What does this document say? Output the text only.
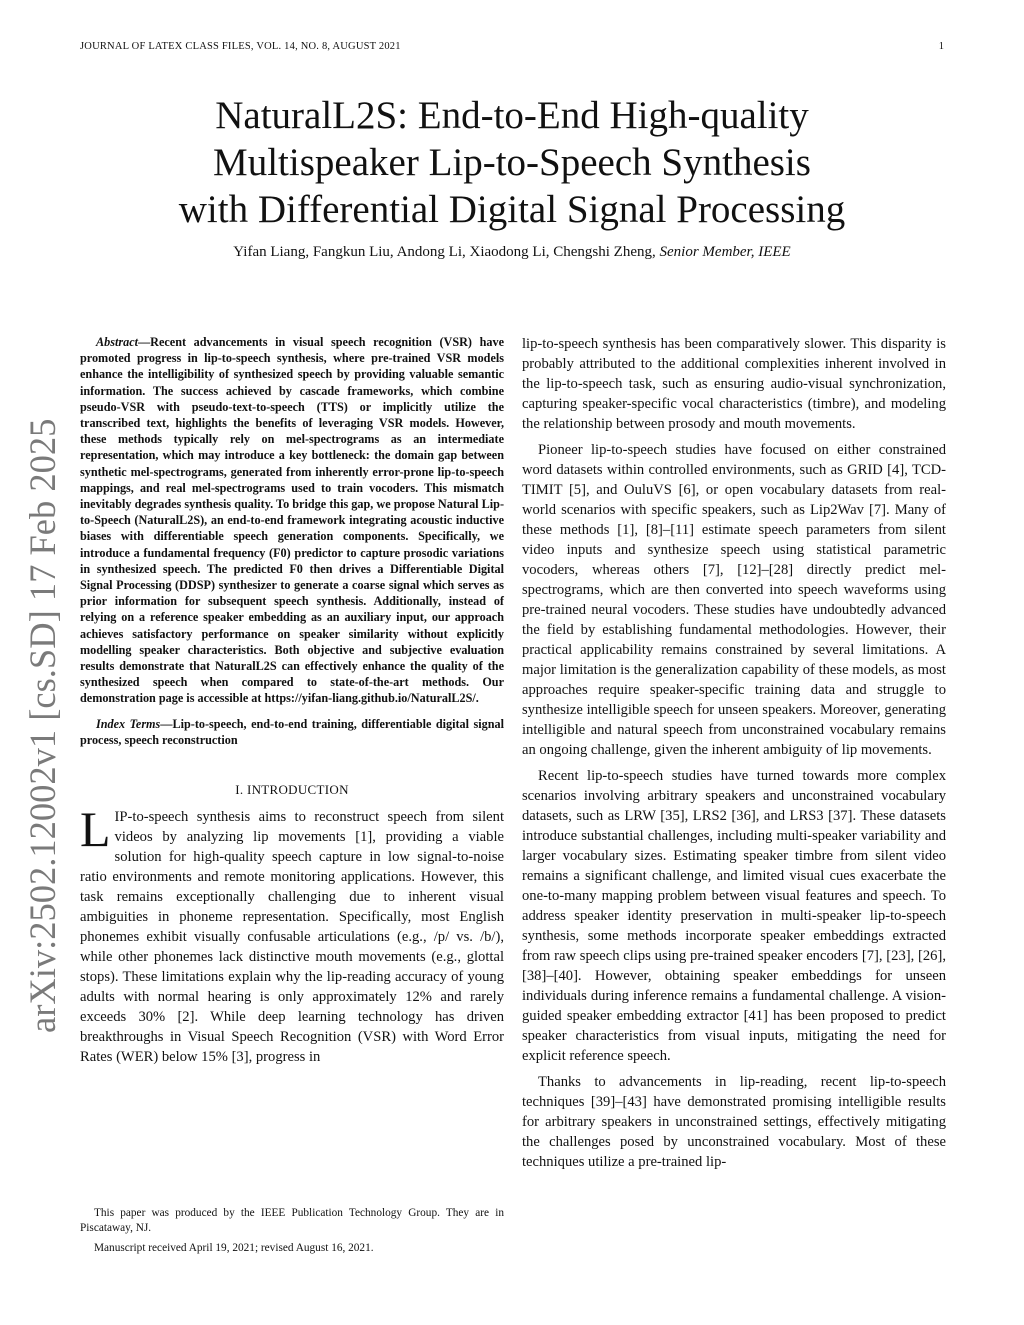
JOURNAL OF LATEX CLASS FILES, VOL. 14, NO. 8, AUGUST 2021	1
arXiv:2502.12002v1 [cs.SD] 17 Feb 2025
NaturalL2S: End-to-End High-quality
Multispeaker Lip-to-Speech Synthesis
with Differential Digital Signal Processing
Yifan Liang, Fangkun Liu, Andong Li, Xiaodong Li, Chengshi Zheng, Senior Member, IEEE

Abstract—Recent advancements in visual speech recognition (VSR) have promoted progress in lip-to-speech synthesis, where pre-trained VSR models enhance the intelligibility of synthesized speech by providing valuable semantic information. The success achieved by cascade frameworks, which combine pseudo-VSR with pseudo-text-to-speech (TTS) or implicitly utilize the transcribed text, highlights the benefits of leveraging VSR models. However, these methods typically rely on mel-spectrograms as an intermediate representation, which may introduce a key bottleneck: the domain gap between synthetic mel-spectrograms, generated from inherently error-prone lip-to-speech mappings, and real mel-spectrograms used to train vocoders. This mismatch inevitably degrades synthesis quality. To bridge this gap, we propose Natural Lip-to-Speech (NaturalL2S), an end-to-end framework integrating acoustic inductive biases with differentiable speech generation components. Specifically, we introduce a fundamental frequency (F0) predictor to capture prosodic variations in synthesized speech. The predicted F0 then drives a Differentiable Digital Signal Processing (DDSP) synthesizer to generate a coarse signal which serves as prior information for subsequent speech synthesis. Additionally, instead of relying on a reference speaker embedding as an auxiliary input, our approach achieves satisfactory performance on speaker similarity without explicitly modelling speaker characteristics. Both objective and subjective evaluation results demonstrate that NaturalL2S can effectively enhance the quality of the synthesized speech when compared to state-of-the-art methods. Our demonstration page is accessible at https://yifan-liang.github.io/NaturalL2S/.

Index Terms—Lip-to-speech, end-to-end training, differentiable digital signal process, speech reconstruction

I. INTRODUCTION

LIP-to-speech synthesis aims to reconstruct speech from silent videos by analyzing lip movements [1], providing a viable solution for high-quality speech capture in low signal-to-noise ratio environments and remote monitoring applications. However, this task remains exceptionally challenging due to inherent visual ambiguities in phoneme representation. Specifically, most English phonemes exhibit visually confusable articulations (e.g., /p/ vs. /b/), while other phonemes lack distinctive mouth movements (e.g., glottal stops). These limitations explain why the lip-reading accuracy of young adults with normal hearing is only approximately 12% and rarely exceeds 30% [2]. While deep learning technology has driven breakthroughs in Visual Speech Recognition (VSR) with Word Error Rates (WER) below 15% [3], progress in

lip-to-speech synthesis has been comparatively slower. This disparity is probably attributed to the additional complexities inherent involved in the lip-to-speech task, such as ensuring audio-visual synchronization, capturing speaker-specific vocal characteristics (timbre), and modeling the relationship between prosody and mouth movements.

Pioneer lip-to-speech studies have focused on either constrained word datasets within controlled environments, such as GRID [4], TCD-TIMIT [5], and OuluVS [6], or open vocabulary datasets from real-world scenarios with specific speakers, such as Lip2Wav [7]. Many of these methods [1], [8]–[11] estimate speech parameters from silent video inputs and synthesize speech using statistical parametric vocoders, whereas others [7], [12]–[28] directly predict mel-spectrograms, which are then converted into speech waveforms using pre-trained neural vocoders. These studies have undoubtedly advanced the field by establishing fundamental methodologies. However, their practical applicability remains constrained by several limitations. A major limitation is the generalization capability of these models, as most approaches require speaker-specific training data and struggle to synthesize intelligible speech for unseen speakers. Moreover, generating intelligible and natural speech from unconstrained vocabulary remains an ongoing challenge, given the inherent ambiguity of lip movements.

Recent lip-to-speech studies have turned towards more complex scenarios involving arbitrary speakers and unconstrained vocabulary datasets, such as LRW [35], LRS2 [36], and LRS3 [37]. These datasets introduce substantial challenges, including multi-speaker variability and larger vocabulary sizes. Estimating speaker timbre from silent video remains a significant challenge, and limited visual cues exacerbate the one-to-many mapping problem between visual features and speech. To address speaker identity preservation in multi-speaker lip-to-speech synthesis, some methods incorporate speaker embeddings extracted from raw speech clips using pre-trained speaker encoders [7], [23], [26], [38]–[40]. However, obtaining speaker embeddings for unseen individuals during inference remains a fundamental challenge. A vision-guided speaker embedding extractor [41] has been proposed to predict speaker characteristics from visual inputs, mitigating the need for explicit reference speech.

Thanks to advancements in lip-reading, recent lip-to-speech techniques [39]–[43] have demonstrated promising intelligible results for arbitrary speakers in unconstrained settings, effectively mitigating the challenges posed by unconstrained vocabulary. Most of these techniques utilize a pre-trained lip-

This paper was produced by the IEEE Publication Technology Group. They are in Piscataway, NJ.

Manuscript received April 19, 2021; revised August 16, 2021.
